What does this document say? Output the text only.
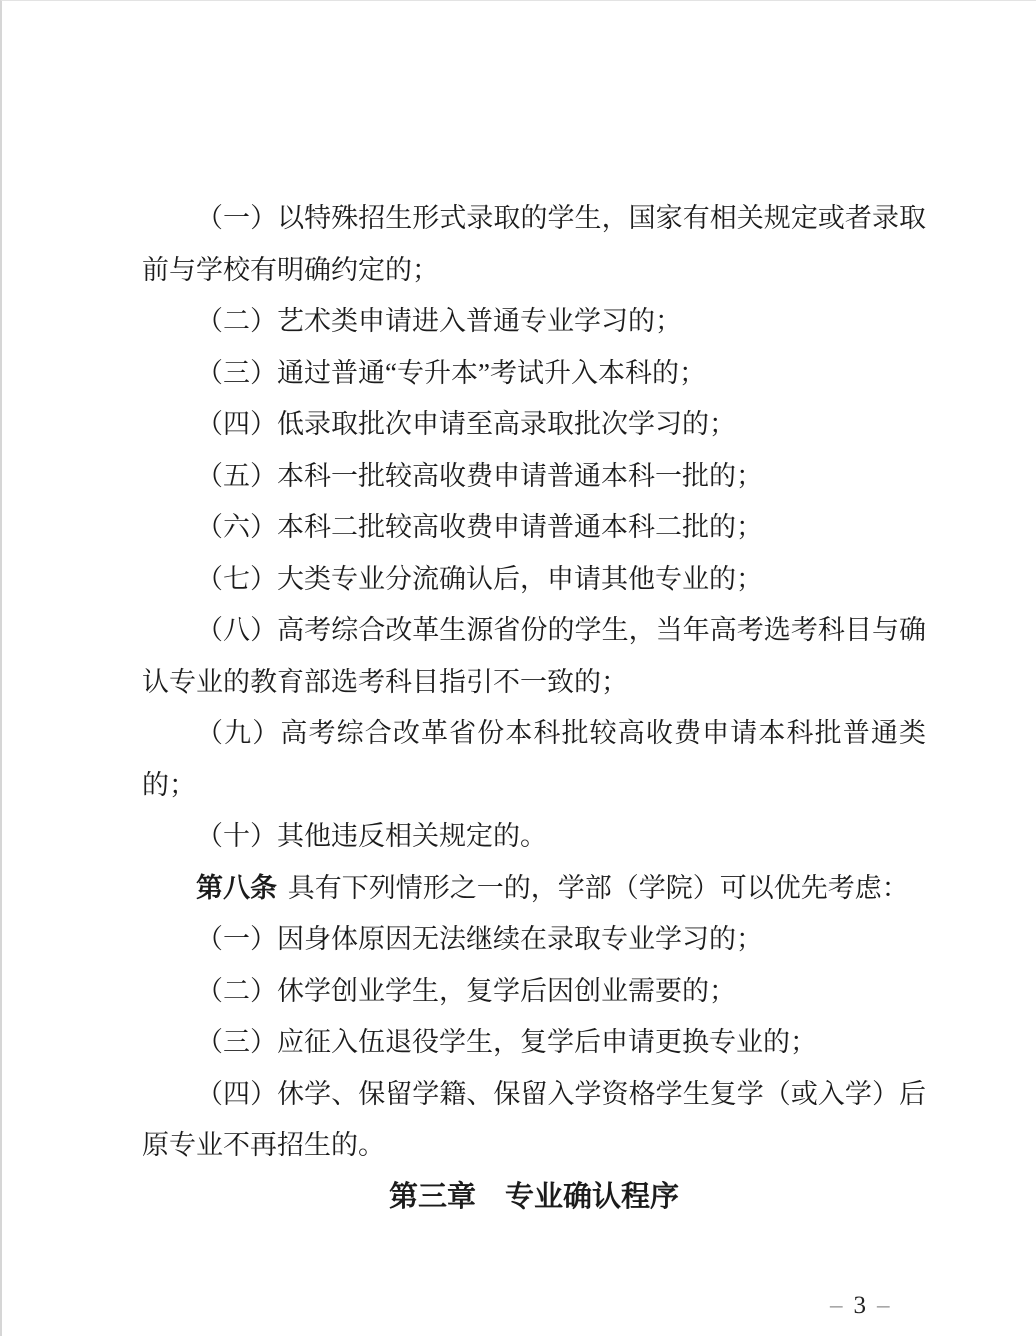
（一）以特殊招生形式录取的学生，国家有相关规定或者录取前与学校有明确约定的；

（二）艺术类申请进入普通专业学习的；

（三）通过普通“专升本”考试升入本科的；

（四）低录取批次申请至高录取批次学习的；

（五）本科一批较高收费申请普通本科一批的；

（六）本科二批较高收费申请普通本科二批的；

（七）大类专业分流确认后，申请其他专业的；

（八）高考综合改革生源省份的学生，当年高考选考科目与确认专业的教育部选考科目指引不一致的；

（九）高考综合改革省份本科批较高收费申请本科批普通类的；

（十）其他违反相关规定的。

第八条 具有下列情形之一的，学部（学院）可以优先考虑：

（一）因身体原因无法继续在录取专业学习的；

（二）休学创业学生，复学后因创业需要的；

（三）应征入伍退役学生，复学后申请更换专业的；

（四）休学、保留学籍、保留入学资格学生复学（或入学）后原专业不再招生的。

第三章　专业确认程序
– 3 –
